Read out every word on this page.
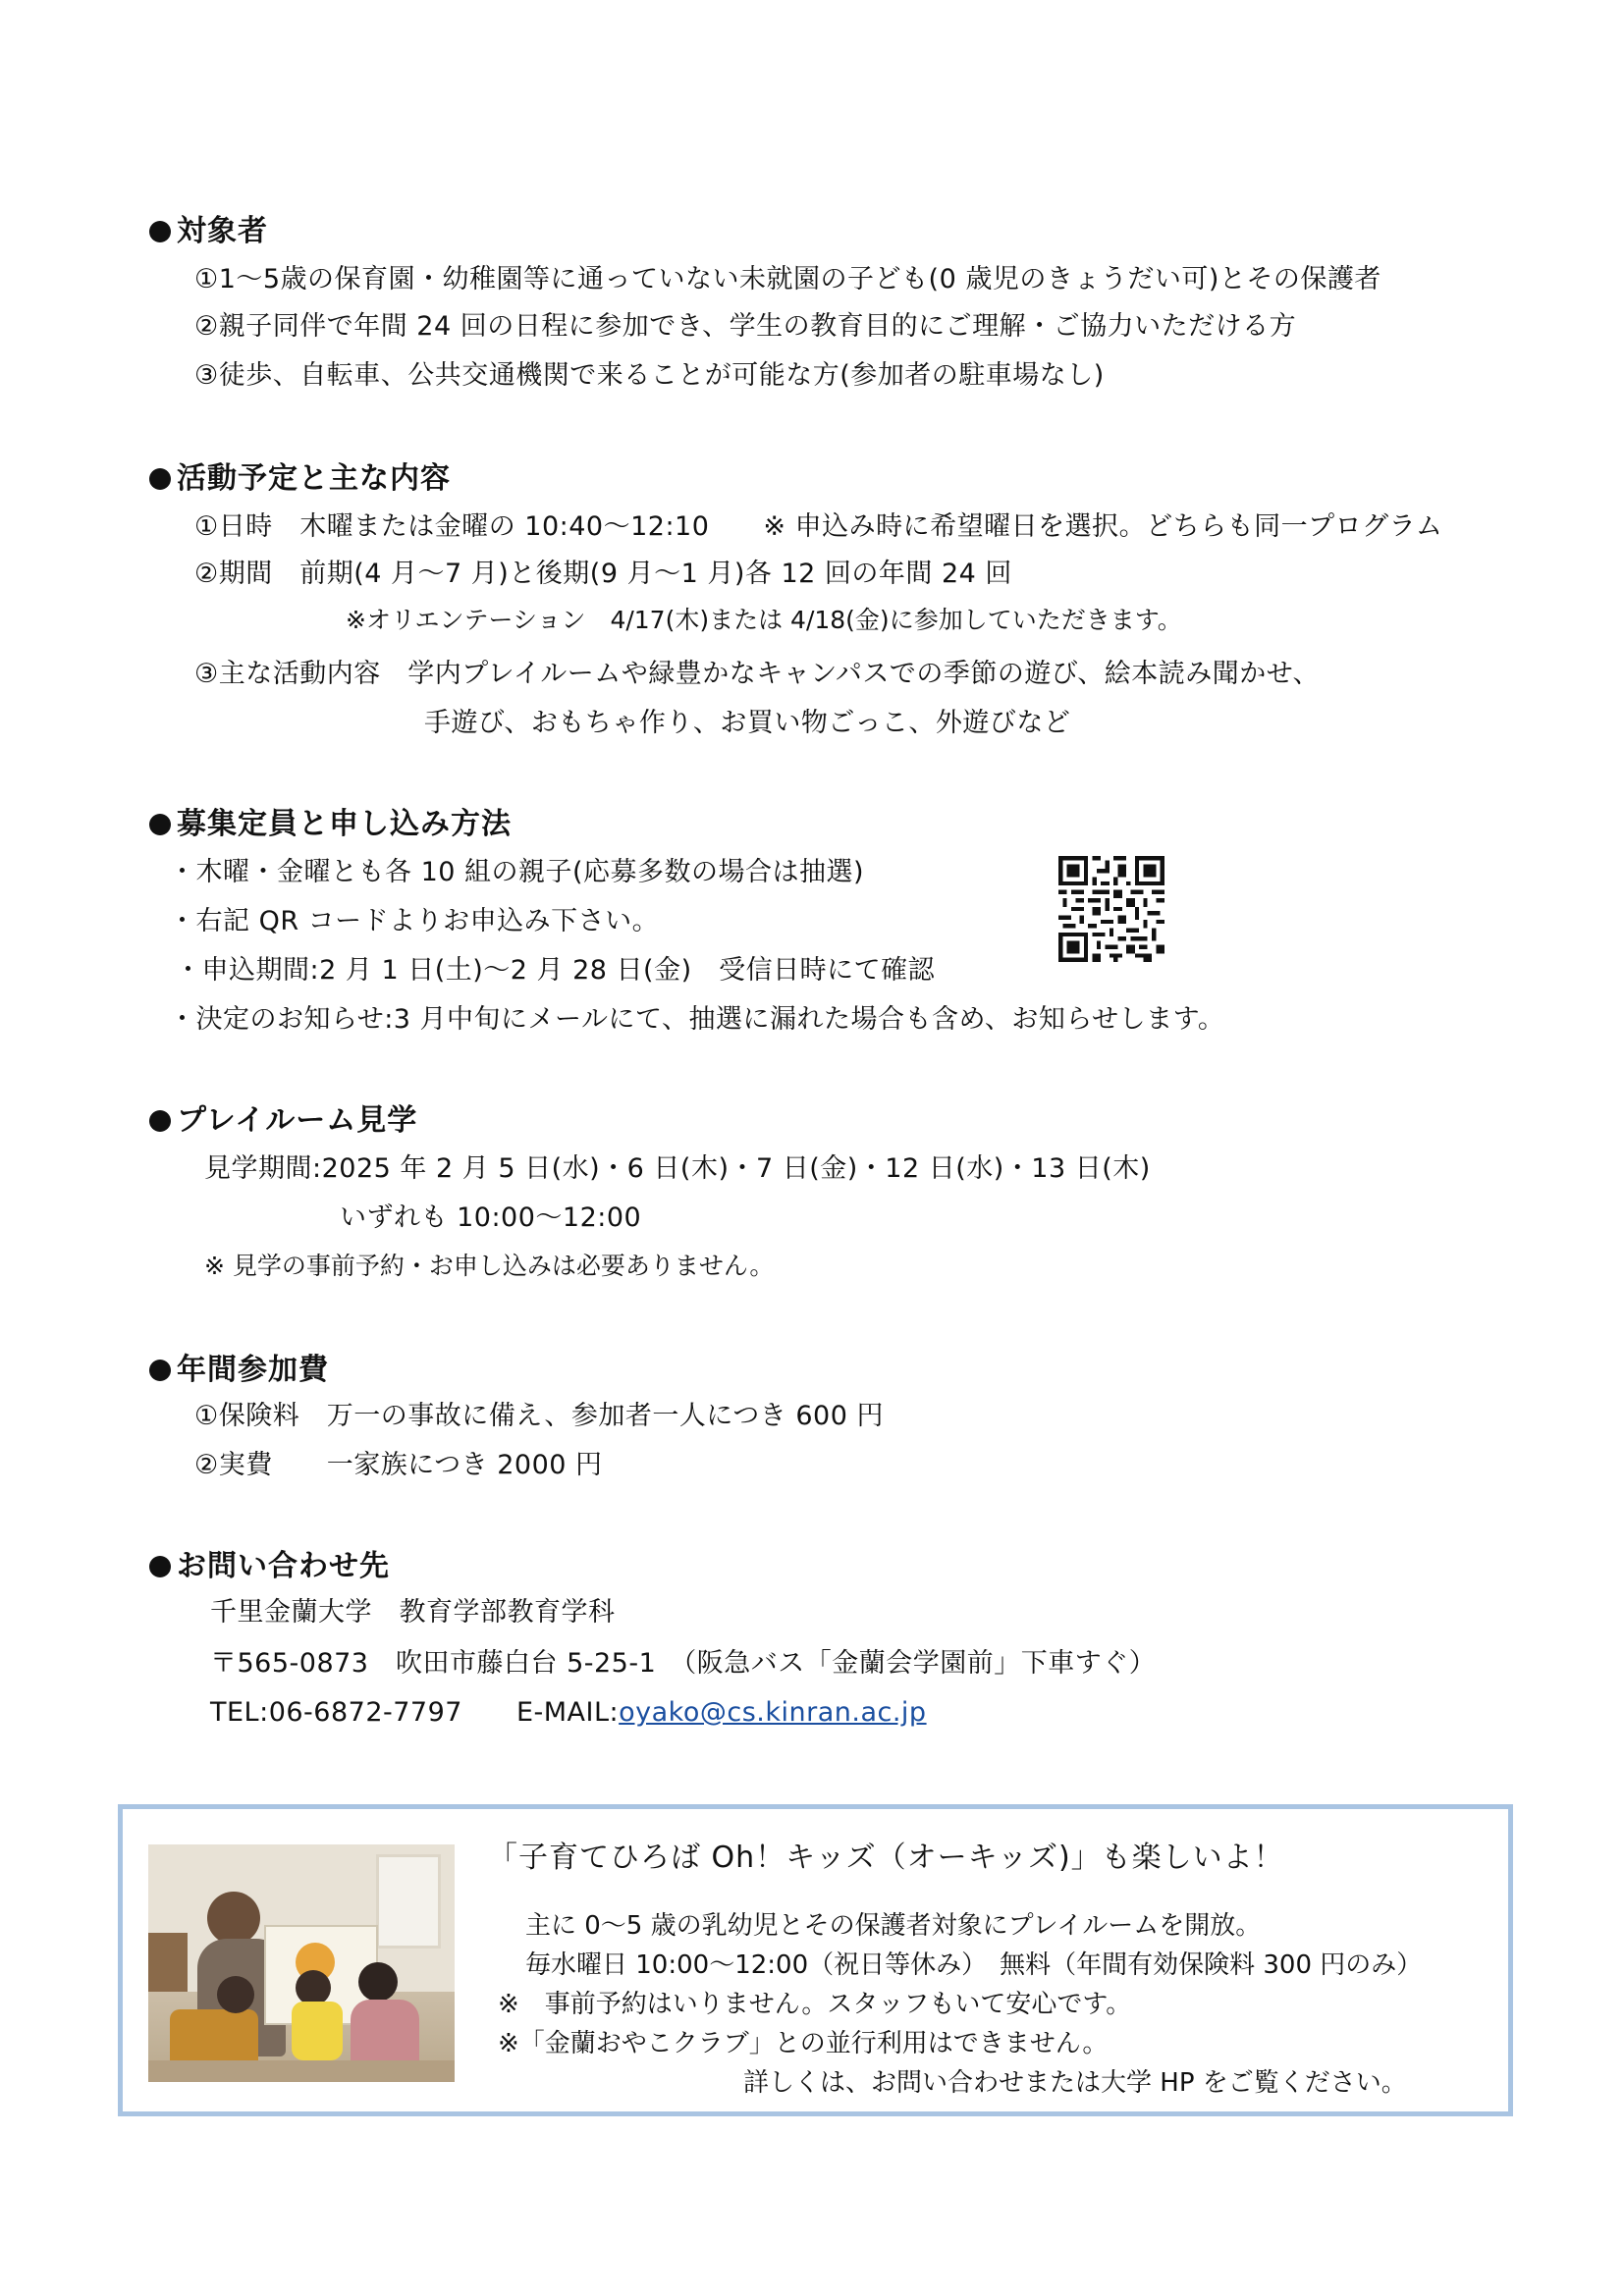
対象者
①1～5歳の保育園・幼稚園等に通っていない未就園の子ども(0 歳児のきょうだい可)とその保護者
②親子同伴で年間 24 回の日程に参加でき、学生の教育目的にご理解・ご協力いただける方
③徒歩、自転車、公共交通機関で来ることが可能な方(参加者の駐車場なし)
活動予定と主な内容
①日時　木曜または金曜の 10:40～12:10　　※ 申込み時に希望曜日を選択。どちらも同一プログラム
②期間　前期(4 月～7 月)と後期(9 月～1 月)各 12 回の年間 24 回
※オリエンテーション　4/17(木)または 4/18(金)に参加していただきます。
③主な活動内容　学内プレイルームや緑豊かなキャンパスでの季節の遊び、絵本読み聞かせ、
手遊び、おもちゃ作り、お買い物ごっこ、外遊びなど
募集定員と申し込み方法
・木曜・金曜とも各 10 組の親子(応募多数の場合は抽選)
・右記 QR コードよりお申込み下さい。
・申込期間:2 月 1 日(土)～2 月 28 日(金)　受信日時にて確認
・決定のお知らせ:3 月中旬にメールにて、抽選に漏れた場合も含め、お知らせします。
プレイルーム見学
見学期間:2025 年 2 月 5 日(水)・6 日(木)・7 日(金)・12 日(水)・13 日(木)
いずれも 10:00～12:00
※ 見学の事前予約・お申し込みは必要ありません。
年間参加費
①保険料　万一の事故に備え、参加者一人につき 600 円
②実費　　一家族につき 2000 円
お問い合わせ先
千里金蘭大学　教育学部教育学科
〒565-0873　吹田市藤白台 5-25-1　（阪急バス「金蘭会学園前」下車すぐ）
TEL:06-6872-7797　　E-MAIL:oyako@cs.kinran.ac.jp
「子育てひろば Oh！キッズ（オーキッズ)」も楽しいよ！
主に 0～5 歳の乳幼児とその保護者対象にプレイルームを開放。
毎水曜日 10:00～12:00（祝日等休み）　無料（年間有効保険料 300 円のみ）
※　事前予約はいりません。スタッフもいて安心です。
※「金蘭おやこクラブ」との並行利用はできません。
詳しくは、お問い合わせまたは大学 HP をご覧ください。
